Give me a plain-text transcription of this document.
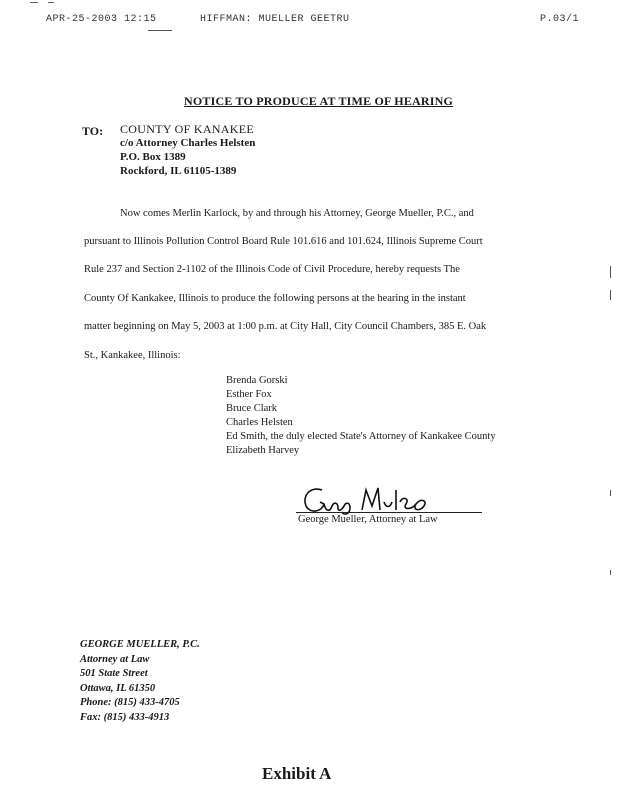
APR-25-2003 12:15	HIFFMAN: MUELLER GEETRU	P.03/1
NOTICE TO PRODUCE AT TIME OF HEARING
TO: COUNTY OF KANAKEE
c/o Attorney Charles Helsten
P.O. Box 1389
Rockford, IL 61105-1389
Now comes Merlin Karlock, by and through his Attorney, George Mueller, P.C., and
pursuant to Illinois Pollution Control Board Rule 101.616 and 101.624, Illinois Supreme Court
Rule 237 and Section 2-1102 of the Illinois Code of Civil Procedure, hereby requests The
County Of Kankakee, Illinois to produce the following persons at the hearing in the instant
matter beginning on May 5, 2003 at 1:00 p.m. at City Hall, City Council Chambers, 385 E. Oak
St., Kankakee, Illinois:
Brenda Gorski
Esther Fox
Bruce Clark
Charles Helsten
Ed Smith, the duly elected State's Attorney of Kankakee County
Elizabeth Harvey
George Mueller, Attorney at Law
GEORGE MUELLER, P.C.
Attorney at Law
501 State Street
Ottawa, IL 61350
Phone: (815) 433-4705
Fax: (815) 433-4913
Exhibit A
